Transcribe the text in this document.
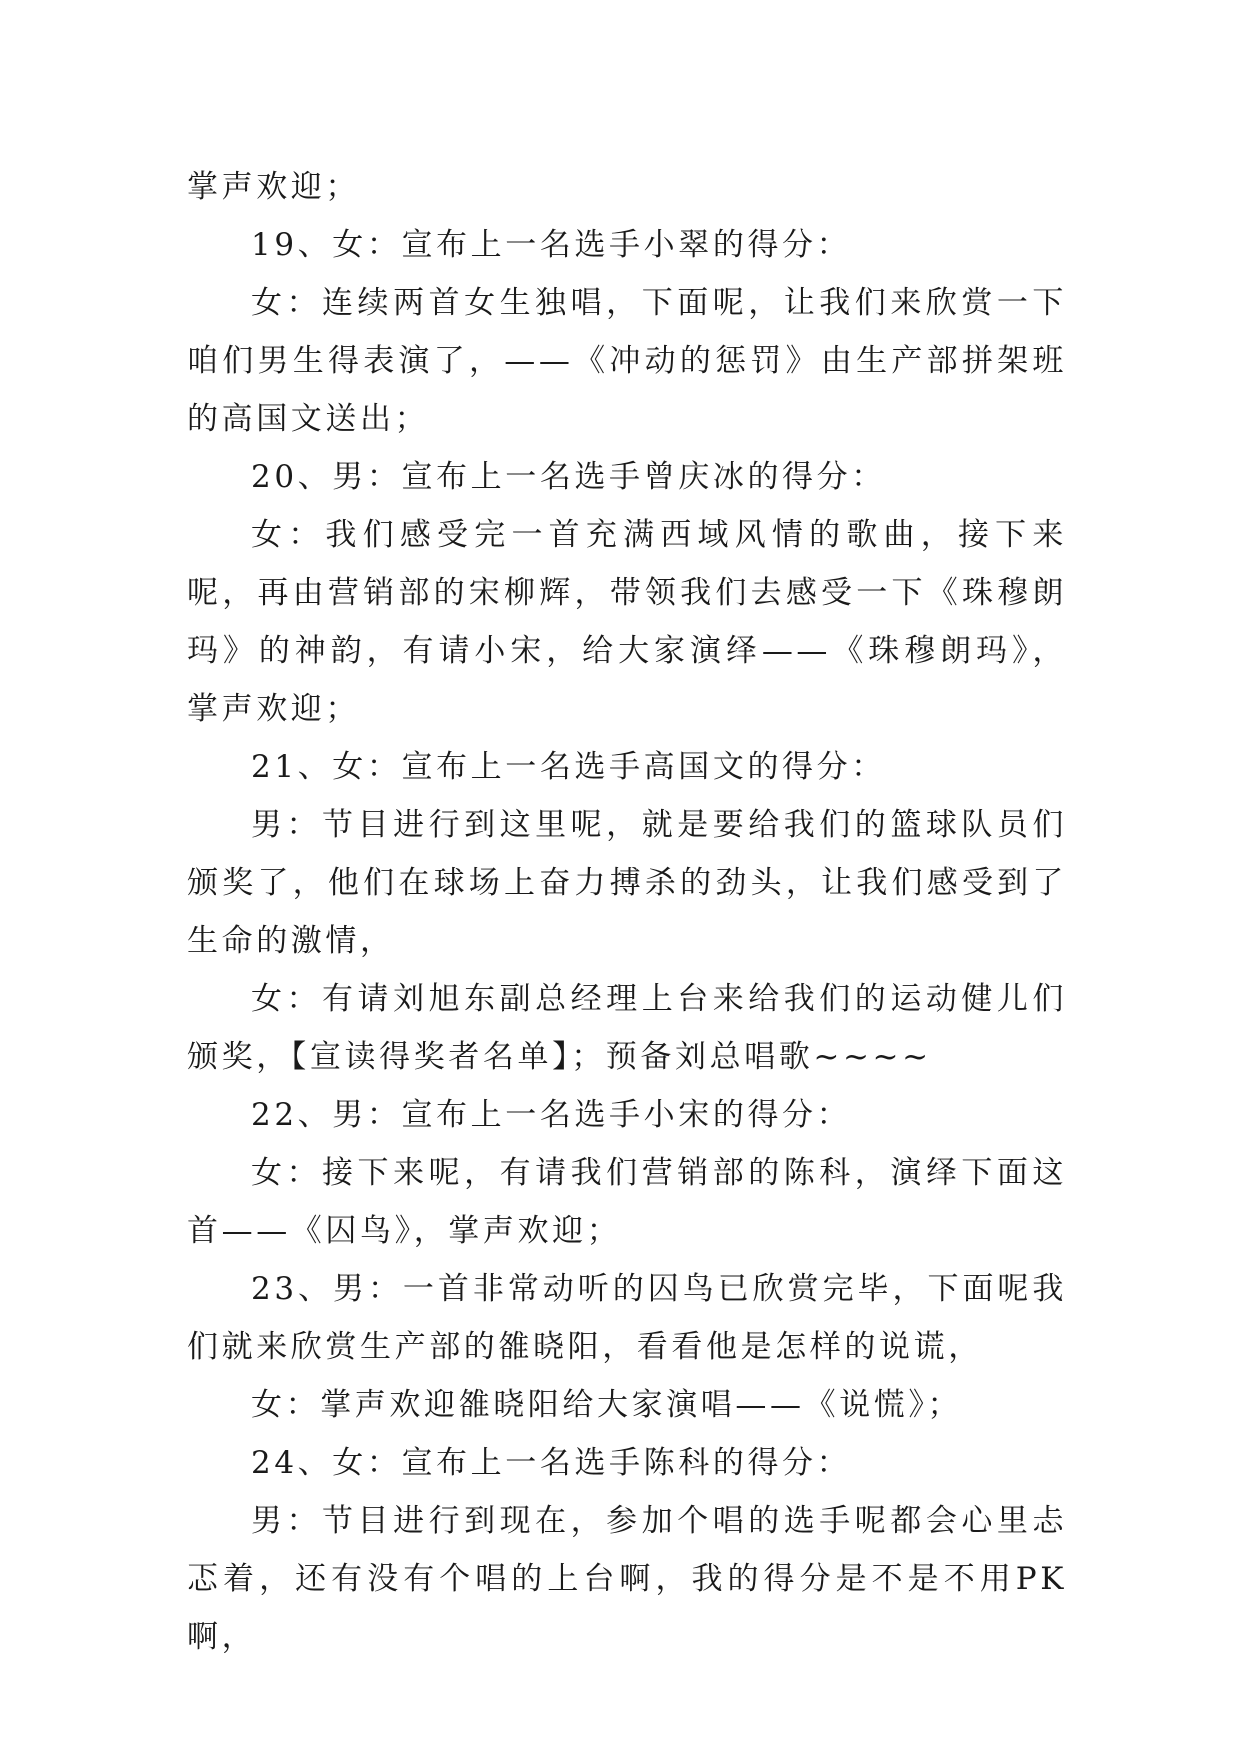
掌声欢迎；

19、女：宣布上一名选手小翠的得分：

女：连续两首女生独唱，下面呢，让我们来欣赏一下咱们男生得表演了，——《冲动的惩罚》由生产部拼架班的高国文送出；

20、男：宣布上一名选手曾庆冰的得分：

女：我们感受完一首充满西域风情的歌曲，接下来呢，再由营销部的宋柳辉，带领我们去感受一下《珠穆朗玛》的神韵，有请小宋，给大家演绎——《珠穆朗玛》，掌声欢迎；

21、女：宣布上一名选手高国文的得分：

男：节目进行到这里呢，就是要给我们的篮球队员们颁奖了，他们在球场上奋力搏杀的劲头，让我们感受到了生命的激情，

女：有请刘旭东副总经理上台来给我们的运动健儿们颁奖，【宣读得奖者名单】；预备刘总唱歌~~~~

22、男：宣布上一名选手小宋的得分：

女：接下来呢，有请我们营销部的陈科，演绎下面这首——《囚鸟》，掌声欢迎；

23、男：一首非常动听的囚鸟已欣赏完毕，下面呢我们就来欣赏生产部的雒晓阳，看看他是怎样的说谎，

女：掌声欢迎雒晓阳给大家演唱——《说慌》；

24、女：宣布上一名选手陈科的得分：

男：节目进行到现在，参加个唱的选手呢都会心里忐忑着，还有没有个唱的上台啊，我的得分是不是不用PK啊，
